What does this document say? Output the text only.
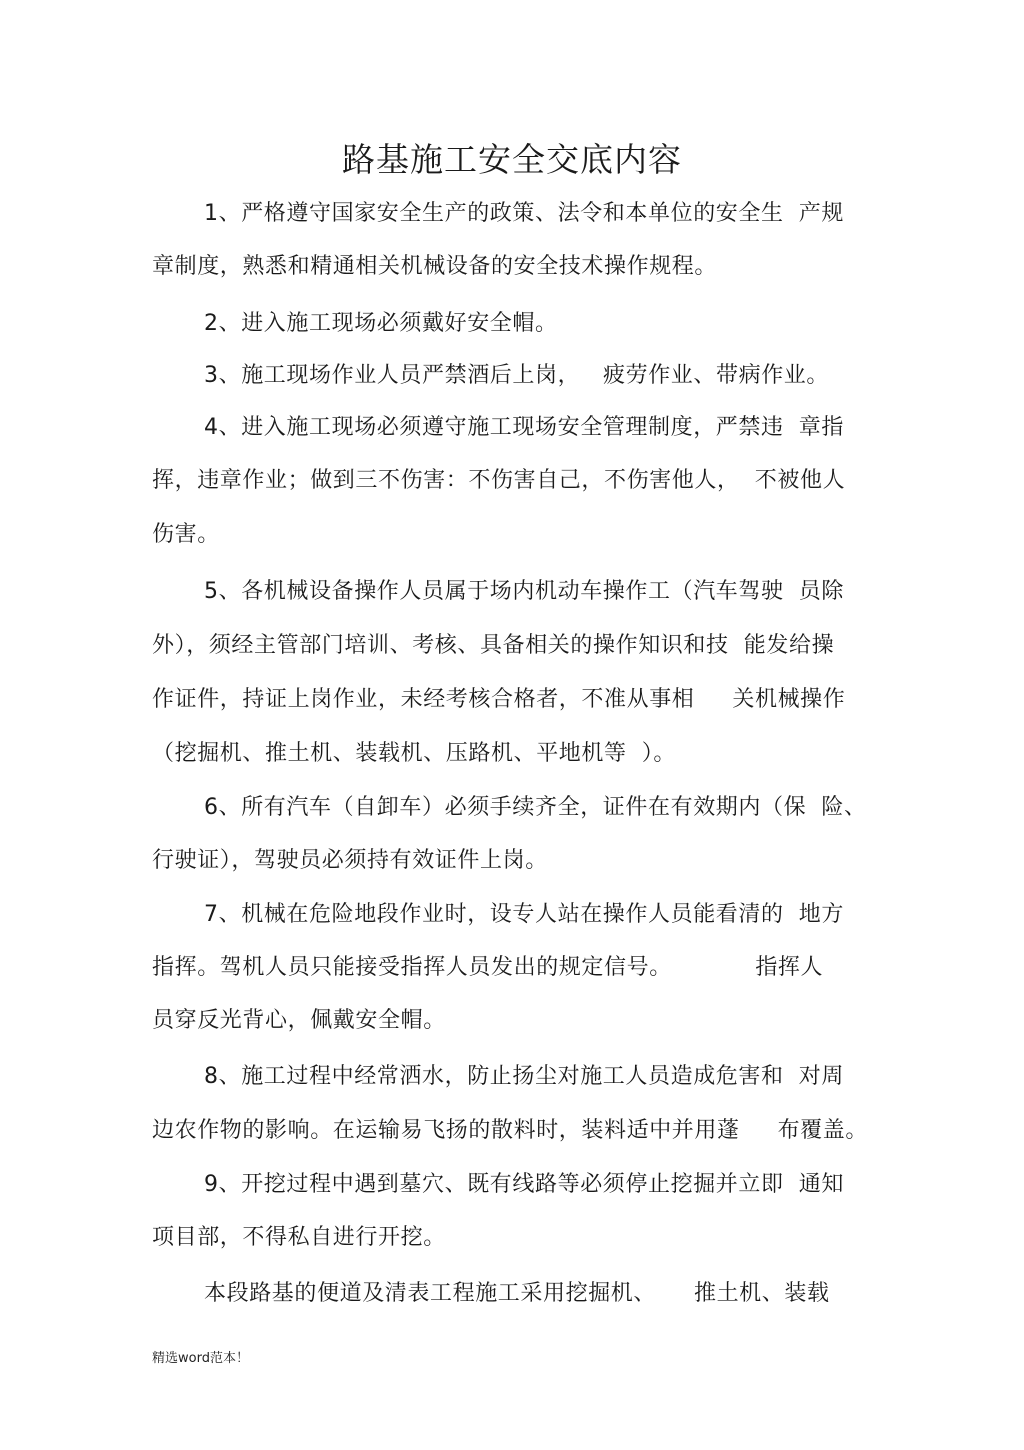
路基施工安全交底内容
1、严格遵守国家安全生产的政策、法令和本单位的安全生  产规
章制度，熟悉和精通相关机械设备的安全技术操作规程。
2、进入施工现场必须戴好安全帽。
3、施工现场作业人员严禁酒后上岗，   疲劳作业、带病作业。
4、进入施工现场必须遵守施工现场安全管理制度，严禁违  章指
挥，违章作业；做到三不伤害：不伤害自己，不伤害他人，  不被他人
伤害。
5、各机械设备操作人员属于场内机动车操作工（汽车驾驶  员除
外），须经主管部门培训、考核、具备相关的操作知识和技  能发给操
作证件，持证上岗作业，未经考核合格者，不准从事相     关机械操作
（挖掘机、推土机、装载机、压路机、平地机等  ）。
6、所有汽车（自卸车）必须手续齐全，证件在有效期内（保  险、
行驶证），驾驶员必须持有效证件上岗。
7、机械在危险地段作业时，设专人站在操作人员能看清的  地方
指挥。驾机人员只能接受指挥人员发出的规定信号。           指挥人
员穿反光背心，佩戴安全帽。
8、施工过程中经常洒水，防止扬尘对施工人员造成危害和  对周
边农作物的影响。在运输易飞扬的散料时，装料适中并用蓬     布覆盖。
9、开挖过程中遇到墓穴、既有线路等必须停止挖掘并立即  通知
项目部，不得私自进行开挖。
本段路基的便道及清表工程施工采用挖掘机、     推土机、装载
精选word范本！
